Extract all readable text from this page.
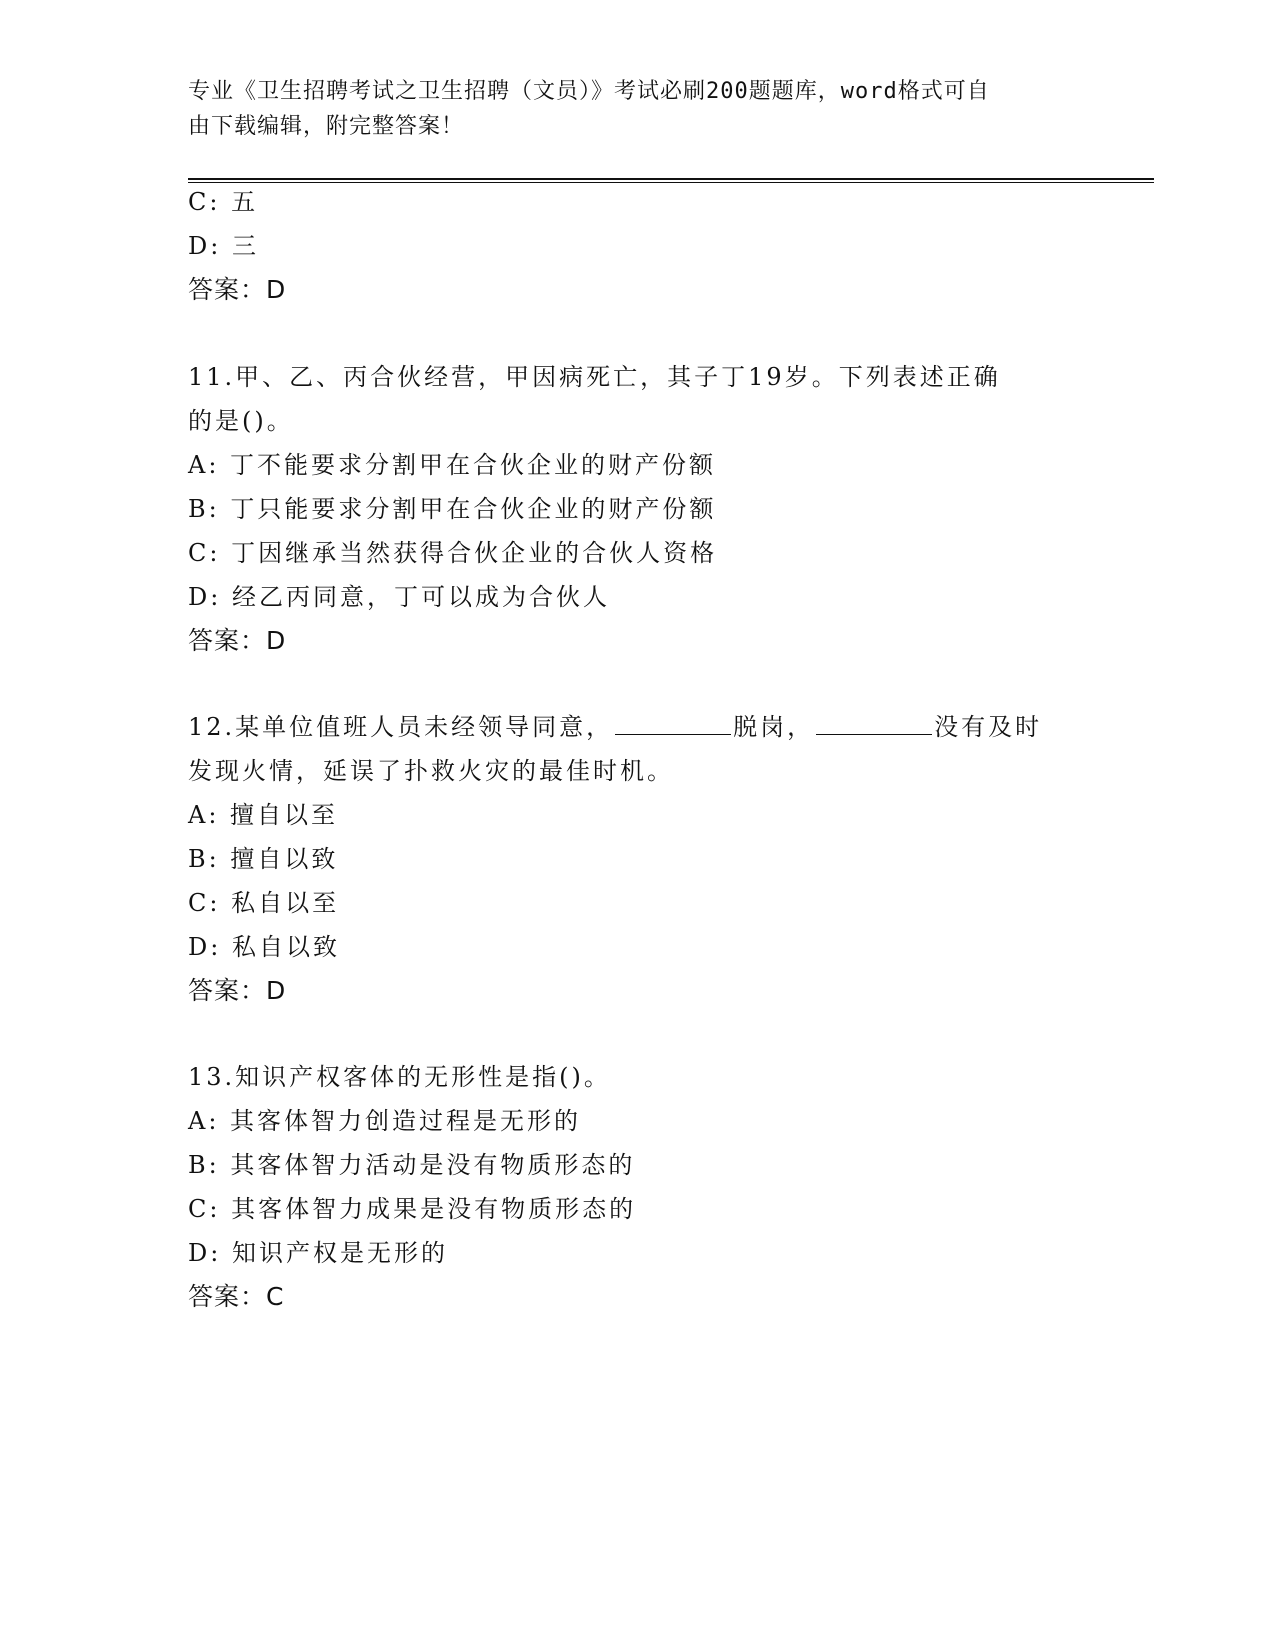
专业《卫生招聘考试之卫生招聘（文员）》考试必刷200题题库，word格式可自
由下载编辑，附完整答案！
C: 五
D: 三
答案：D
11.甲、乙、丙合伙经营，甲因病死亡，其子丁19岁。下列表述正确
的是()。
A: 丁不能要求分割甲在合伙企业的财产份额
B: 丁只能要求分割甲在合伙企业的财产份额
C: 丁因继承当然获得合伙企业的合伙人资格
D: 经乙丙同意，丁可以成为合伙人
答案：D
12.某单位值班人员未经领导同意，	脱岗，	没有及时
发现火情，延误了扑救火灾的最佳时机。
A: 擅自以至
B: 擅自以致
C: 私自以至
D: 私自以致
答案：D
13.知识产权客体的无形性是指()。
A: 其客体智力创造过程是无形的
B: 其客体智力活动是没有物质形态的
C: 其客体智力成果是没有物质形态的
D: 知识产权是无形的
答案：C
